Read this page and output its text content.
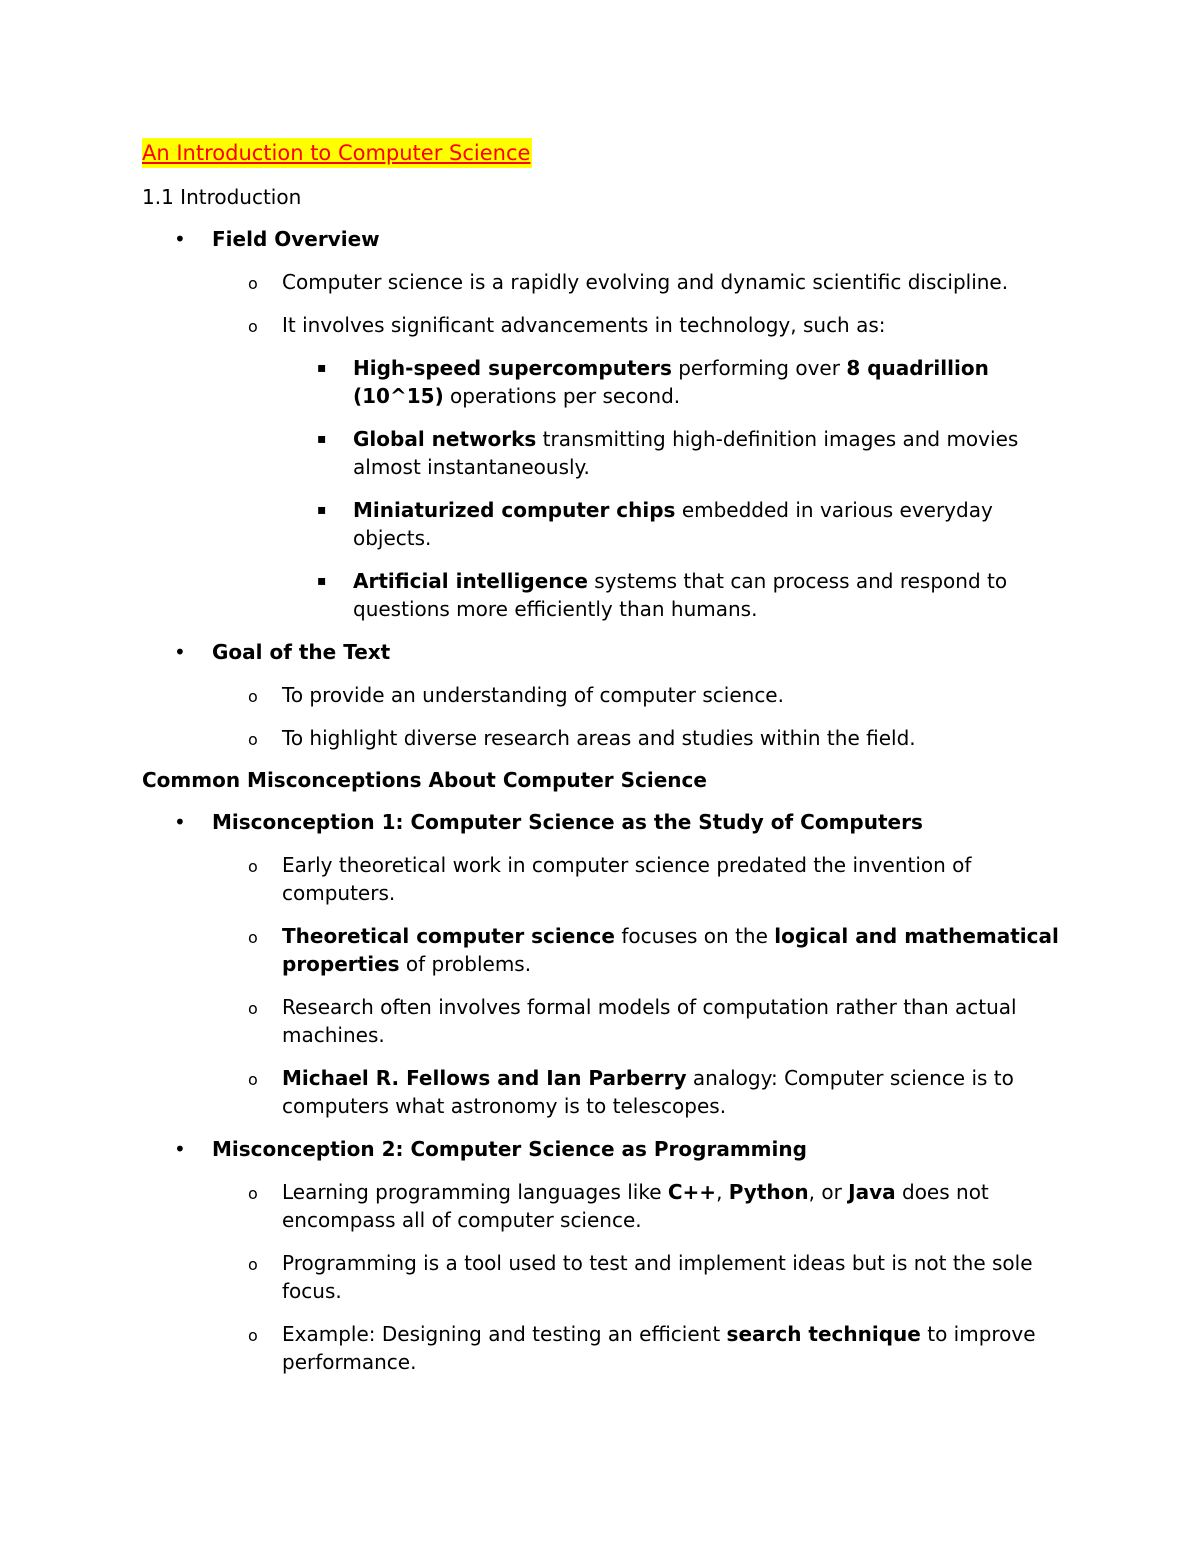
An Introduction to Computer Science
1.1 Introduction
• Field Overview
o Computer science is a rapidly evolving and dynamic scientific discipline.
o It involves significant advancements in technology, such as:
▪ High-speed supercomputers performing over 8 quadrillion (10^15) operations per second.
▪ Global networks transmitting high-definition images and movies almost instantaneously.
▪ Miniaturized computer chips embedded in various everyday objects.
▪ Artificial intelligence systems that can process and respond to questions more efficiently than humans.
• Goal of the Text
o To provide an understanding of computer science.
o To highlight diverse research areas and studies within the field.
Common Misconceptions About Computer Science
• Misconception 1: Computer Science as the Study of Computers
o Early theoretical work in computer science predated the invention of computers.
o Theoretical computer science focuses on the logical and mathematical properties of problems.
o Research often involves formal models of computation rather than actual machines.
o Michael R. Fellows and Ian Parberry analogy: Computer science is to computers what astronomy is to telescopes.
• Misconception 2: Computer Science as Programming
o Learning programming languages like C++, Python, or Java does not encompass all of computer science.
o Programming is a tool used to test and implement ideas but is not the sole focus.
o Example: Designing and testing an efficient search technique to improve performance.
